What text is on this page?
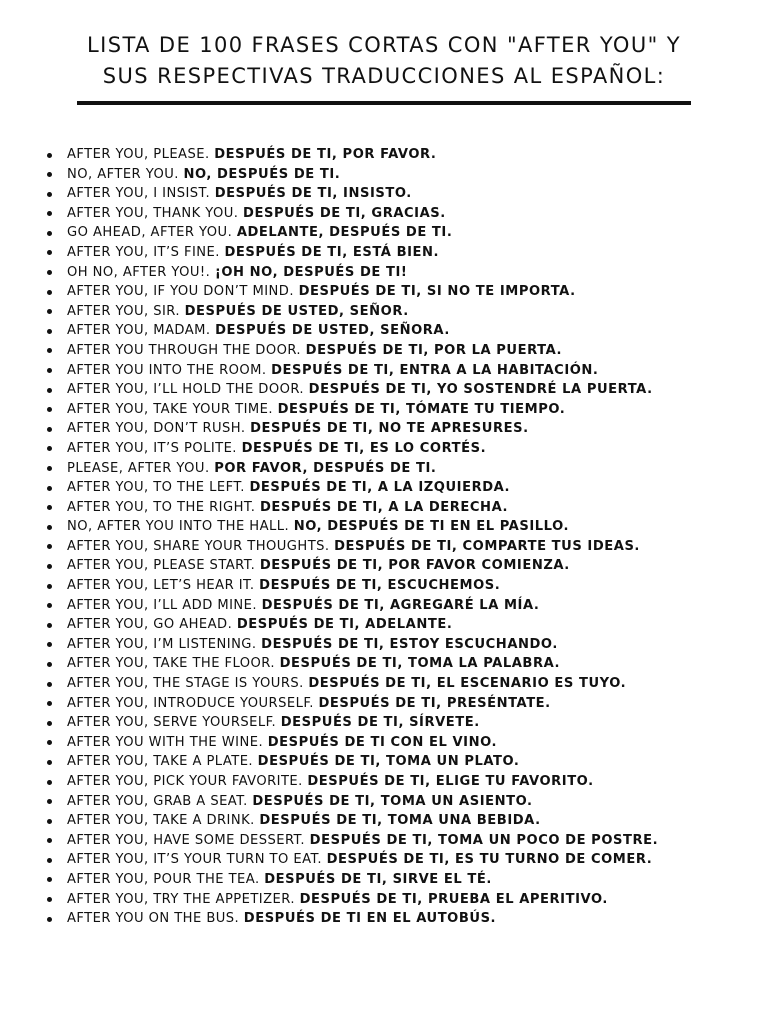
LISTA DE 100 FRASES CORTAS CON "AFTER YOU" Y
SUS RESPECTIVAS TRADUCCIONES AL ESPAÑOL:
AFTER YOU, PLEASE. DESPUÉS DE TI, POR FAVOR.
NO, AFTER YOU. NO, DESPUÉS DE TI.
AFTER YOU, I INSIST. DESPUÉS DE TI, INSISTO.
AFTER YOU, THANK YOU. DESPUÉS DE TI, GRACIAS.
GO AHEAD, AFTER YOU. ADELANTE, DESPUÉS DE TI.
AFTER YOU, IT’S FINE. DESPUÉS DE TI, ESTÁ BIEN.
OH NO, AFTER YOU!. ¡OH NO, DESPUÉS DE TI!
AFTER YOU, IF YOU DON’T MIND. DESPUÉS DE TI, SI NO TE IMPORTA.
AFTER YOU, SIR. DESPUÉS DE USTED, SEÑOR.
AFTER YOU, MADAM. DESPUÉS DE USTED, SEÑORA.
AFTER YOU THROUGH THE DOOR. DESPUÉS DE TI, POR LA PUERTA.
AFTER YOU INTO THE ROOM. DESPUÉS DE TI, ENTRA A LA HABITACIÓN.
AFTER YOU, I’LL HOLD THE DOOR. DESPUÉS DE TI, YO SOSTENDRÉ LA PUERTA.
AFTER YOU, TAKE YOUR TIME. DESPUÉS DE TI, TÓMATE TU TIEMPO.
AFTER YOU, DON’T RUSH. DESPUÉS DE TI, NO TE APRESURES.
AFTER YOU, IT’S POLITE. DESPUÉS DE TI, ES LO CORTÉS.
PLEASE, AFTER YOU. POR FAVOR, DESPUÉS DE TI.
AFTER YOU, TO THE LEFT. DESPUÉS DE TI, A LA IZQUIERDA.
AFTER YOU, TO THE RIGHT. DESPUÉS DE TI, A LA DERECHA.
NO, AFTER YOU INTO THE HALL. NO, DESPUÉS DE TI EN EL PASILLO.
AFTER YOU, SHARE YOUR THOUGHTS. DESPUÉS DE TI, COMPARTE TUS IDEAS.
AFTER YOU, PLEASE START. DESPUÉS DE TI, POR FAVOR COMIENZA.
AFTER YOU, LET’S HEAR IT. DESPUÉS DE TI, ESCUCHEMOS.
AFTER YOU, I’LL ADD MINE. DESPUÉS DE TI, AGREGARÉ LA MÍA.
AFTER YOU, GO AHEAD. DESPUÉS DE TI, ADELANTE.
AFTER YOU, I’M LISTENING. DESPUÉS DE TI, ESTOY ESCUCHANDO.
AFTER YOU, TAKE THE FLOOR. DESPUÉS DE TI, TOMA LA PALABRA.
AFTER YOU, THE STAGE IS YOURS. DESPUÉS DE TI, EL ESCENARIO ES TUYO.
AFTER YOU, INTRODUCE YOURSELF. DESPUÉS DE TI, PRESÉNTATE.
AFTER YOU, SERVE YOURSELF. DESPUÉS DE TI, SÍRVETE.
AFTER YOU WITH THE WINE. DESPUÉS DE TI CON EL VINO.
AFTER YOU, TAKE A PLATE. DESPUÉS DE TI, TOMA UN PLATO.
AFTER YOU, PICK YOUR FAVORITE. DESPUÉS DE TI, ELIGE TU FAVORITO.
AFTER YOU, GRAB A SEAT. DESPUÉS DE TI, TOMA UN ASIENTO.
AFTER YOU, TAKE A DRINK. DESPUÉS DE TI, TOMA UNA BEBIDA.
AFTER YOU, HAVE SOME DESSERT. DESPUÉS DE TI, TOMA UN POCO DE POSTRE.
AFTER YOU, IT’S YOUR TURN TO EAT. DESPUÉS DE TI, ES TU TURNO DE COMER.
AFTER YOU, POUR THE TEA. DESPUÉS DE TI, SIRVE EL TÉ.
AFTER YOU, TRY THE APPETIZER. DESPUÉS DE TI, PRUEBA EL APERITIVO.
AFTER YOU ON THE BUS. DESPUÉS DE TI EN EL AUTOBÚS.
